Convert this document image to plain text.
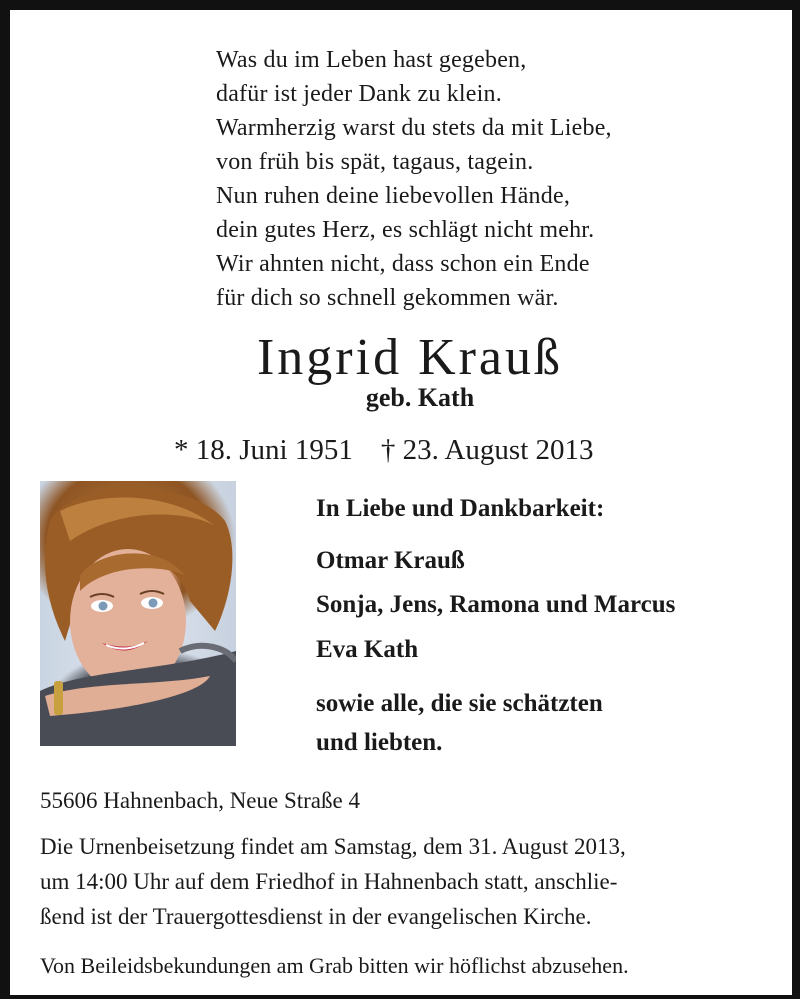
Was du im Leben hast gegeben,
dafür ist jeder Dank zu klein.
Warmherzig warst du stets da mit Liebe,
von früh bis spät, tagaus, tagein.
Nun ruhen deine liebevollen Hände,
dein gutes Herz, es schlägt nicht mehr.
Wir ahnten nicht, dass schon ein Ende
für dich so schnell gekommen wär.
Ingrid Krauß
geb. Kath
* 18. Juni 1951 † 23. August 2013
In Liebe und Dankbarkeit:
Otmar Krauß
Sonja, Jens, Ramona und Marcus
Eva Kath
sowie alle, die sie schätzten
und liebten.
55606 Hahnenbach, Neue Straße 4
Die Urnenbeisetzung findet am Samstag, dem 31. August 2013,
um 14:00 Uhr auf dem Friedhof in Hahnenbach statt, anschlie-
ßend ist der Trauergottesdienst in der evangelischen Kirche.
Von Beileidsbekundungen am Grab bitten wir höflichst abzusehen.
